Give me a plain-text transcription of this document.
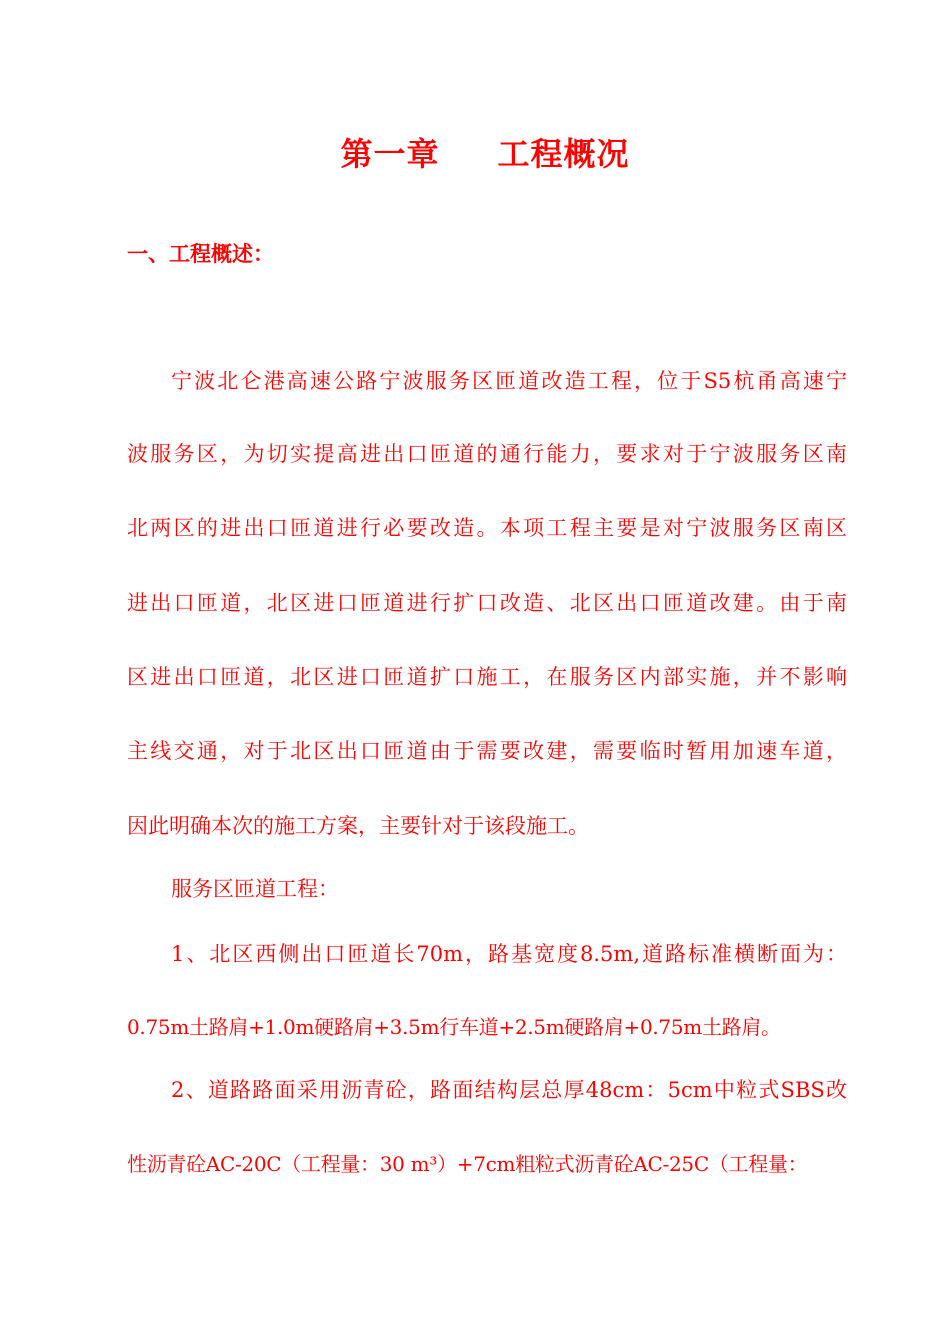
第一章 工程概况
一、工程概述：
宁波北仑港高速公路宁波服务区匝道改造工程，位于S5杭甬高速宁
波服务区，为切实提高进出口匝道的通行能力，要求对于宁波服务区南
北两区的进出口匝道进行必要改造。本项工程主要是对宁波服务区南区
进出口匝道，北区进口匝道进行扩口改造、北区出口匝道改建。由于南
区进出口匝道，北区进口匝道扩口施工，在服务区内部实施，并不影响
主线交通，对于北区出口匝道由于需要改建，需要临时暂用加速车道，
因此明确本次的施工方案，主要针对于该段施工。
服务区匝道工程：
1、北区西侧出口匝道长70m，路基宽度8.5m,道路标准横断面为：
0.75m土路肩+1.0m硬路肩+3.5m行车道+2.5m硬路肩+0.75m土路肩。
2、道路路面采用沥青砼，路面结构层总厚48cm：5cm中粒式SBS改
性沥青砼AC-20C（工程量：30 m³）+7cm粗粒式沥青砼AC-25C（工程量：
